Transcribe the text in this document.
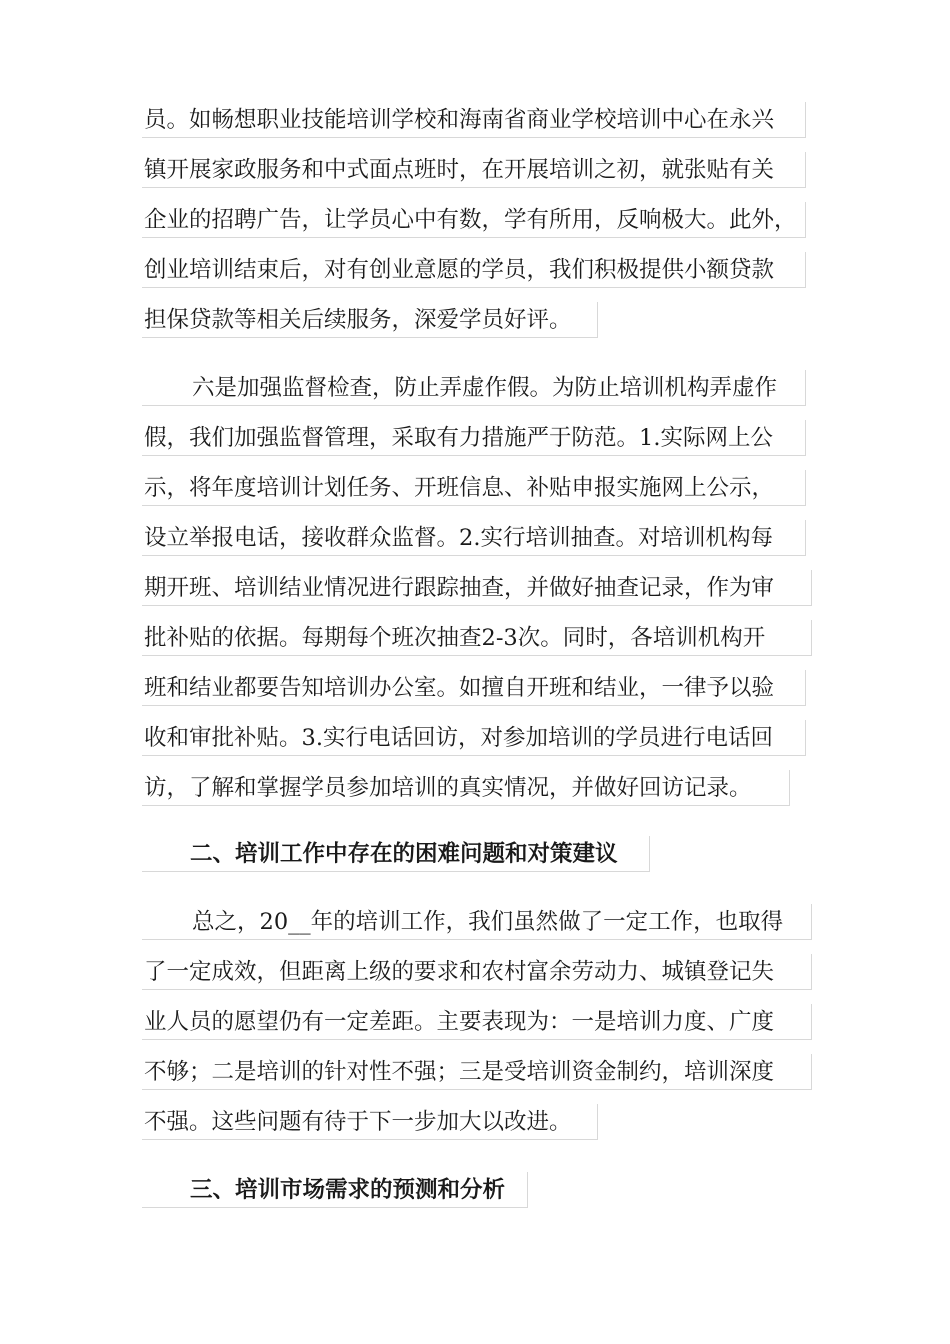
员。如畅想职业技能培训学校和海南省商业学校培训中心在永兴
镇开展家政服务和中式面点班时，在开展培训之初，就张贴有关
企业的招聘广告，让学员心中有数，学有所用，反响极大。此外，
创业培训结束后，对有创业意愿的学员，我们积极提供小额贷款
担保贷款等相关后续服务，深爱学员好评。
六是加强监督检查，防止弄虚作假。为防止培训机构弄虚作
假，我们加强监督管理，采取有力措施严于防范。1.实际网上公
示，将年度培训计划任务、开班信息、补贴申报实施网上公示，
设立举报电话，接收群众监督。2.实行培训抽查。对培训机构每
期开班、培训结业情况进行跟踪抽查，并做好抽查记录，作为审
批补贴的依据。每期每个班次抽查2-3次。同时，各培训机构开
班和结业都要告知培训办公室。如擅自开班和结业，一律予以验
收和审批补贴。3.实行电话回访，对参加培训的学员进行电话回
访，了解和掌握学员参加培训的真实情况，并做好回访记录。
二、培训工作中存在的困难问题和对策建议
总之，20__年的培训工作，我们虽然做了一定工作，也取得
了一定成效，但距离上级的要求和农村富余劳动力、城镇登记失
业人员的愿望仍有一定差距。主要表现为：一是培训力度、广度
不够；二是培训的针对性不强；三是受培训资金制约，培训深度
不强。这些问题有待于下一步加大以改进。
三、培训市场需求的预测和分析
